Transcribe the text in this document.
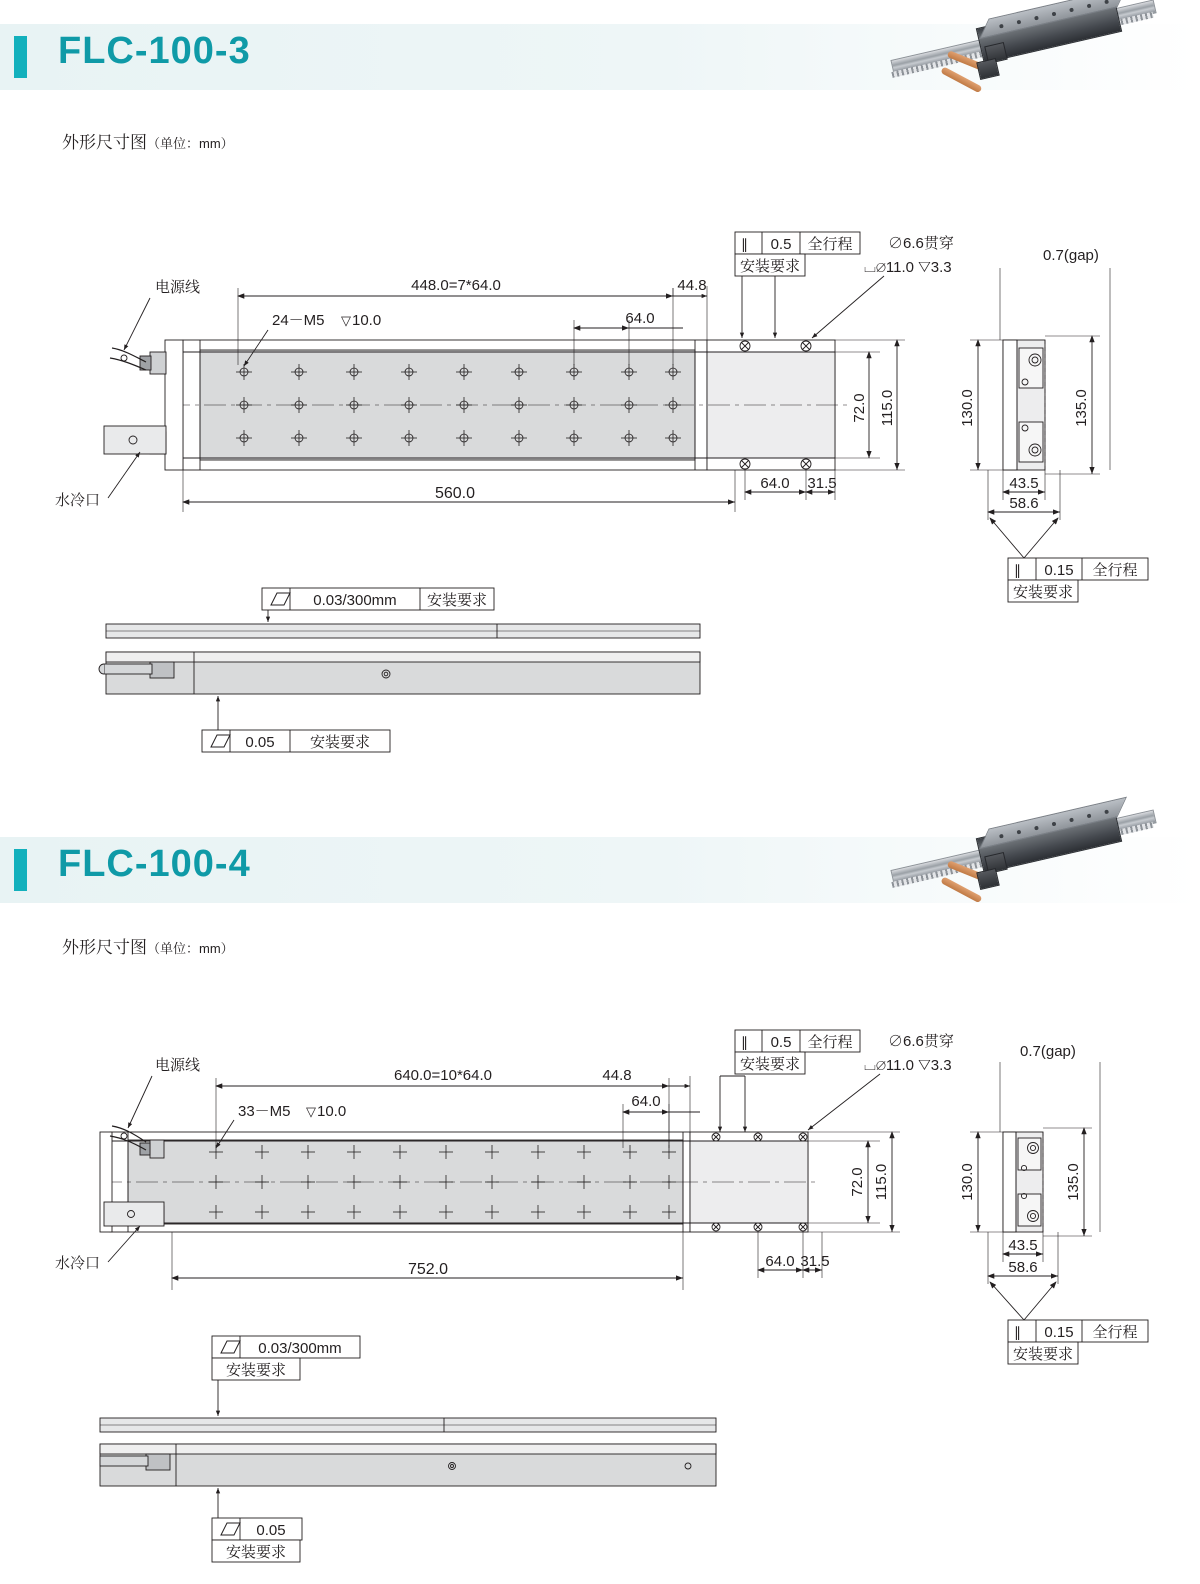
FLC-100-3
外形尺寸图（单位：mm）
448.0=7*64.0	44.8
64.0
24－M5 ▽ 10.0
电源线
水冷口
∥ 0.5 全行程
安装要求
∅6.6贯穿
⌴∅11.0 ▽3.3
72.0 115.0
560.0
64.0 31.5
0.7(gap)
130.0	135.0
43.5
58.6
∥ 0.15 全行程
安装要求
0.03/300mm 安装要求
0.05 安装要求
FLC-100-4
外形尺寸图（单位：mm）
640.0=10*64.0	44.8
64.0
33－M5 ▽ 10.0
电源线
水冷口
∥ 0.5 全行程
安装要求
∅6.6贯穿
⌴∅11.0 ▽3.3
72.0 115.0
752.0	64.0 31.5
0.7(gap)
130.0	135.0
43.5
58.6
∥ 0.15 全行程
安装要求
0.03/300mm
安装要求
0.05
安装要求
